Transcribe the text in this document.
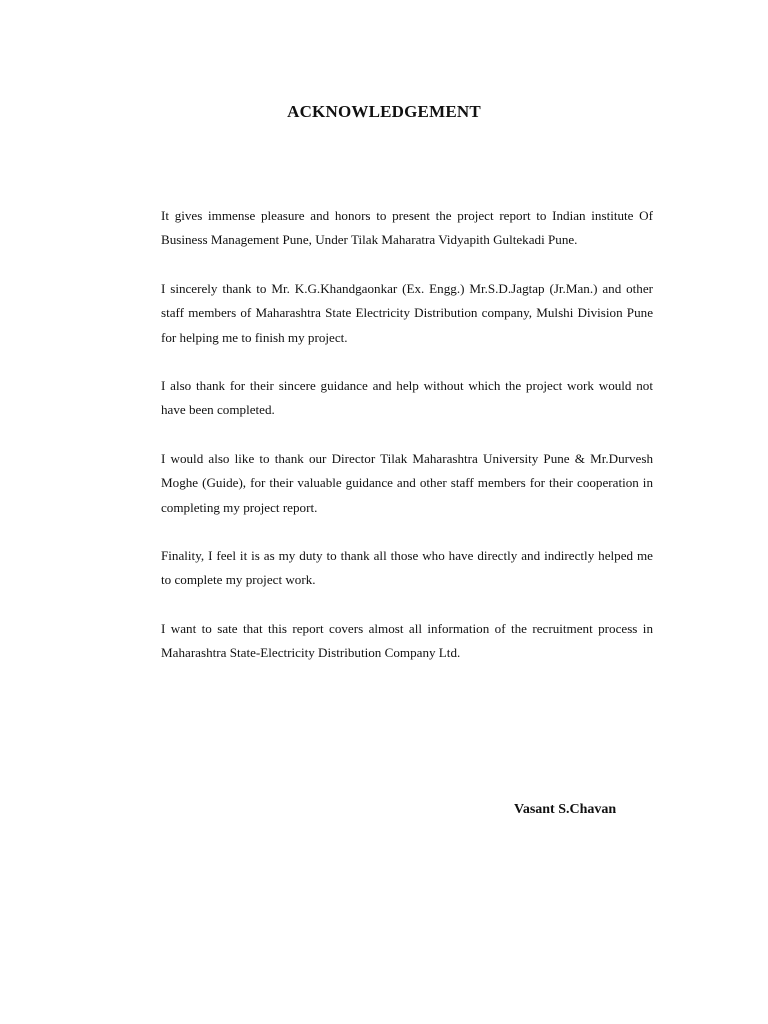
ACKNOWLEDGEMENT

It gives immense pleasure and honors to present the project report to Indian institute Of Business Management Pune, Under Tilak Maharatra Vidyapith Gultekadi Pune.

I sincerely thank to Mr. K.G.Khandgaonkar (Ex. Engg.) Mr.S.D.Jagtap (Jr.Man.) and other staff members of Maharashtra State Electricity Distribution company, Mulshi Division Pune for helping me to finish my project.

I also thank for their sincere guidance and help without which the project work would not have been completed.

I would also like to thank our Director Tilak Maharashtra University Pune & Mr.Durvesh Moghe (Guide), for their valuable guidance and other staff members for their cooperation in completing my project report.

Finality, I feel it is as my duty to thank all those who have directly and indirectly helped me to complete my project work.

I want to sate that this report covers almost all information of the recruitment process in Maharashtra State-Electricity Distribution Company Ltd.

Vasant S.Chavan
